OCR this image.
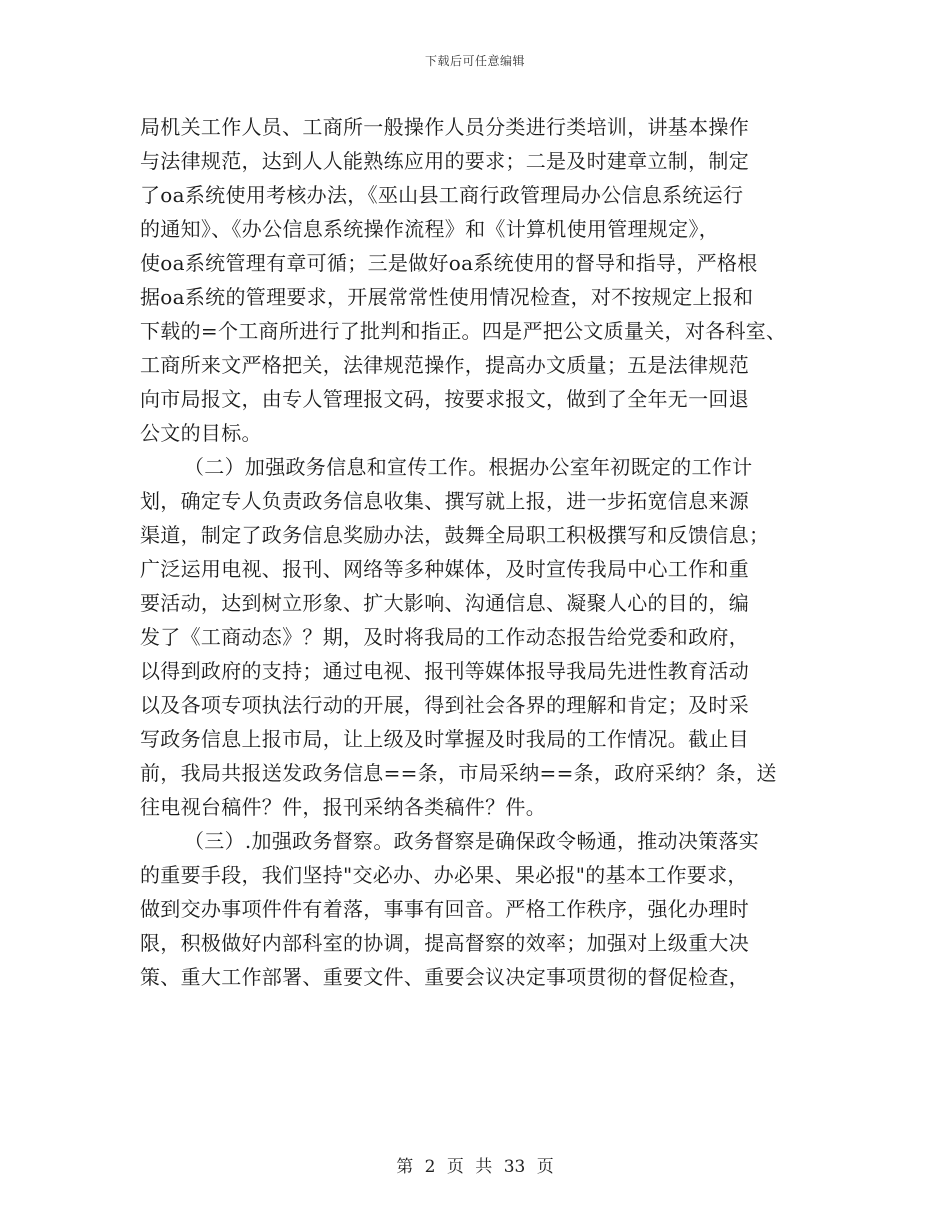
下载后可任意编辑
局机关工作人员、工商所一般操作人员分类进行类培训，讲基本操作
与法律规范，达到人人能熟练应用的要求；二是及时建章立制，制定
了oa系统使用考核办法，《巫山县工商行政管理局办公信息系统运行
的通知》、《办公信息系统操作流程》和《计算机使用管理规定》，
使oa系统管理有章可循；三是做好oa系统使用的督导和指导，严格根
据oa系统的管理要求，开展常常性使用情况检查，对不按规定上报和
下载的=个工商所进行了批判和指正。四是严把公文质量关，对各科室、
工商所来文严格把关，法律规范操作，提高办文质量；五是法律规范
向市局报文，由专人管理报文码，按要求报文，做到了全年无一回退
公文的目标。
（二）加强政务信息和宣传工作。根据办公室年初既定的工作计
划，确定专人负责政务信息收集、撰写就上报，进一步拓宽信息来源
渠道，制定了政务信息奖励办法，鼓舞全局职工积极撰写和反馈信息；
广泛运用电视、报刊、网络等多种媒体，及时宣传我局中心工作和重
要活动，达到树立形象、扩大影响、沟通信息、凝聚人心的目的，编
发了《工商动态》？期，及时将我局的工作动态报告给党委和政府，
以得到政府的支持；通过电视、报刊等媒体报导我局先进性教育活动
以及各项专项执法行动的开展，得到社会各界的理解和肯定；及时采
写政务信息上报市局，让上级及时掌握及时我局的工作情况。截止目
前，我局共报送发政务信息==条，市局采纳==条，政府采纳？条，送
往电视台稿件？件，报刊采纳各类稿件？件。
（三）.加强政务督察。政务督察是确保政令畅通，推动决策落实
的重要手段，我们坚持"交必办、办必果、果必报"的基本工作要求，
做到交办事项件件有着落，事事有回音。严格工作秩序，强化办理时
限，积极做好内部科室的协调，提高督察的效率；加强对上级重大决
策、重大工作部署、重要文件、重要会议决定事项贯彻的督促检查，
第 2 页 共 33 页
